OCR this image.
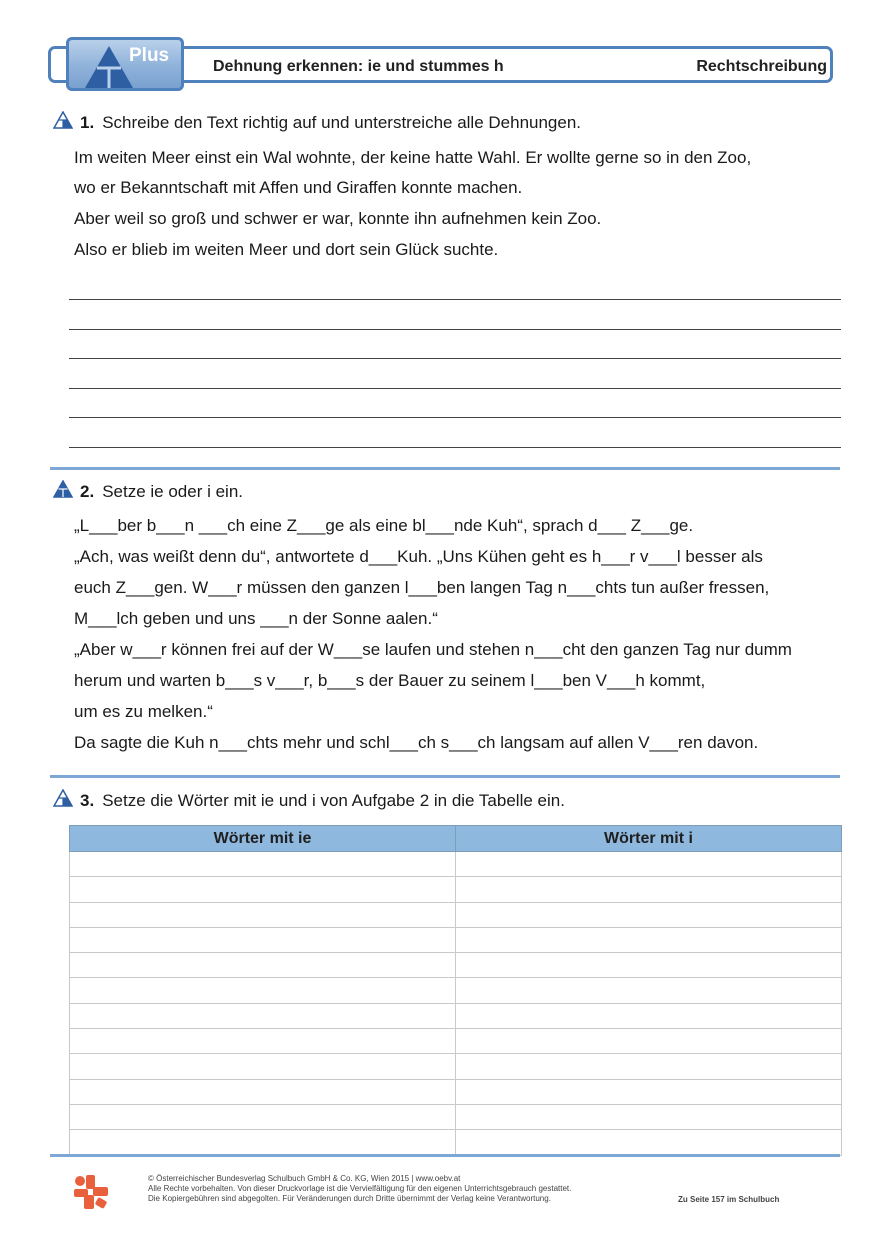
Plus
Dehnung erkennen: ie und stummes h	Rechtschreibung
1. Schreibe den Text richtig auf und unterstreiche alle Dehnungen.
Im weiten Meer einst ein Wal wohnte, der keine hatte Wahl. Er wollte gerne so in den Zoo,
wo er Bekanntschaft mit Affen und Giraffen konnte machen.
Aber weil so groß und schwer er war, konnte ihn aufnehmen kein Zoo.
Also er blieb im weiten Meer und dort sein Glück suchte.
2. Setze ie oder i ein.
„L___ber b___n ___ch eine Z___ge als eine bl___nde Kuh“, sprach d___ Z___ge.
„Ach, was weißt denn du“, antwortete d___Kuh. „Uns Kühen geht es h___r v___l besser als
euch Z___gen. W___r müssen den ganzen l___ben langen Tag n___chts tun außer fressen,
M___lch geben und uns ___n der Sonne aalen.“
„Aber w___r können frei auf der W___se laufen und stehen n___cht den ganzen Tag nur dumm
herum und warten b___s v___r, b___s der Bauer zu seinem l___ben V___h kommt,
um es zu melken.“
Da sagte die Kuh n___chts mehr und schl___ch s___ch langsam auf allen V___ren davon.
3. Setze die Wörter mit ie und i von Aufgabe 2 in die Tabelle ein.
Wörter mit ie	Wörter mit i

© Österreichischer Bundesverlag Schulbuch GmbH & Co. KG, Wien 2015 | www.oebv.at
Alle Rechte vorbehalten. Von dieser Druckvorlage ist die Vervielfältigung für den eigenen Unterrichtsgebrauch gestattet.
Die Kopiergebühren sind abgegolten. Für Veränderungen durch Dritte übernimmt der Verlag keine Verantwortung.	Zu Seite 157 im Schulbuch
